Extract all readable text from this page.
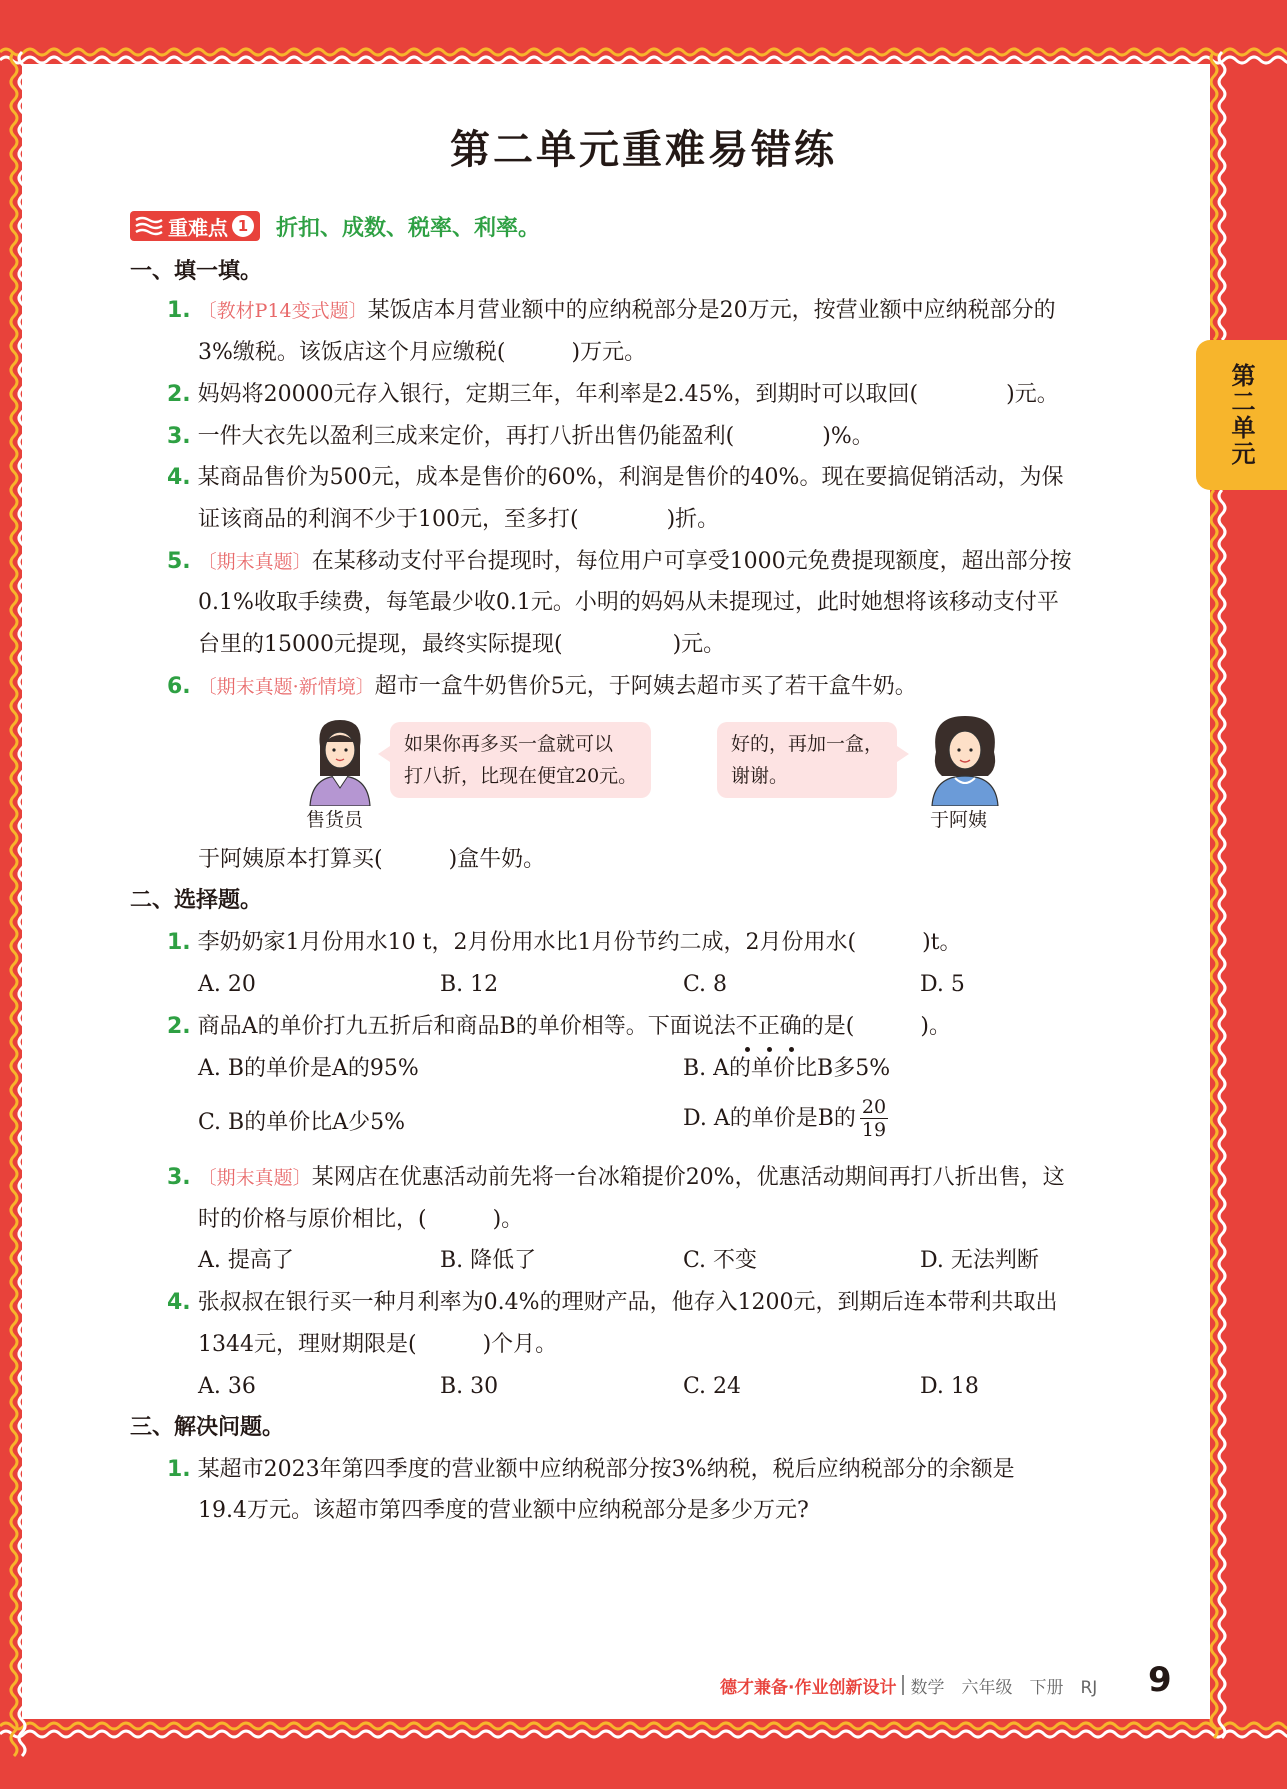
第二单元
第二单元重难易错练
重难点 1 折扣、成数、税率、利率。
一、填一填。
1. 〔教材P14变式题〕某饭店本月营业额中的应纳税部分是20万元，按营业额中应纳税部分的
3%缴税。该饭店这个月应缴税(　　　)万元。
2. 妈妈将20000元存入银行，定期三年，年利率是2.45%，到期时可以取回(　　　　)元。
3. 一件大衣先以盈利三成来定价，再打八折出售仍能盈利(　　　　)%。
4. 某商品售价为500元，成本是售价的60%，利润是售价的40%。现在要搞促销活动，为保
证该商品的利润不少于100元，至多打(　　　　)折。
5. 〔期末真题〕在某移动支付平台提现时，每位用户可享受1000元免费提现额度，超出部分按
0.1%收取手续费，每笔最少收0.1元。小明的妈妈从未提现过，此时她想将该移动支付平
台里的15000元提现，最终实际提现(　　　　　)元。
6. 〔期末真题·新情境〕超市一盒牛奶售价5元，于阿姨去超市买了若干盒牛奶。
如果你再多买一盒就可以
打八折，比现在便宜20元。
售货员
好的，再加一盒，
谢谢。
于阿姨
于阿姨原本打算买(　　　)盒牛奶。
二、选择题。
1. 李奶奶家1月份用水10 t，2月份用水比1月份节约二成，2月份用水(　　　)t。
A. 20	B. 12	C. 8	D. 5
2. 商品A的单价打九五折后和商品B的单价相等。下面说法不正确的是(　　　)。
A. B的单价是A的95%	B. A的单价比B多5%
C. B的单价比A少5%	D. A的单价是B的 $\frac{20}{19}$
3. 〔期末真题〕某网店在优惠活动前先将一台冰箱提价20%，优惠活动期间再打八折出售，这
时的价格与原价相比，(　　　)。
A. 提高了	B. 降低了	C. 不变	D. 无法判断
4. 张叔叔在银行买一种月利率为0.4%的理财产品，他存入1200元，到期后连本带利共取出
1344元，理财期限是(　　　)个月。
A. 36	B. 30	C. 24	D. 18
三、解决问题。
1. 某超市2023年第四季度的营业额中应纳税部分按3%纳税，税后应纳税部分的余额是
19.4万元。该超市第四季度的营业额中应纳税部分是多少万元?
德才兼备·作业创新设计 数学　六年级　下册　RJ 9
